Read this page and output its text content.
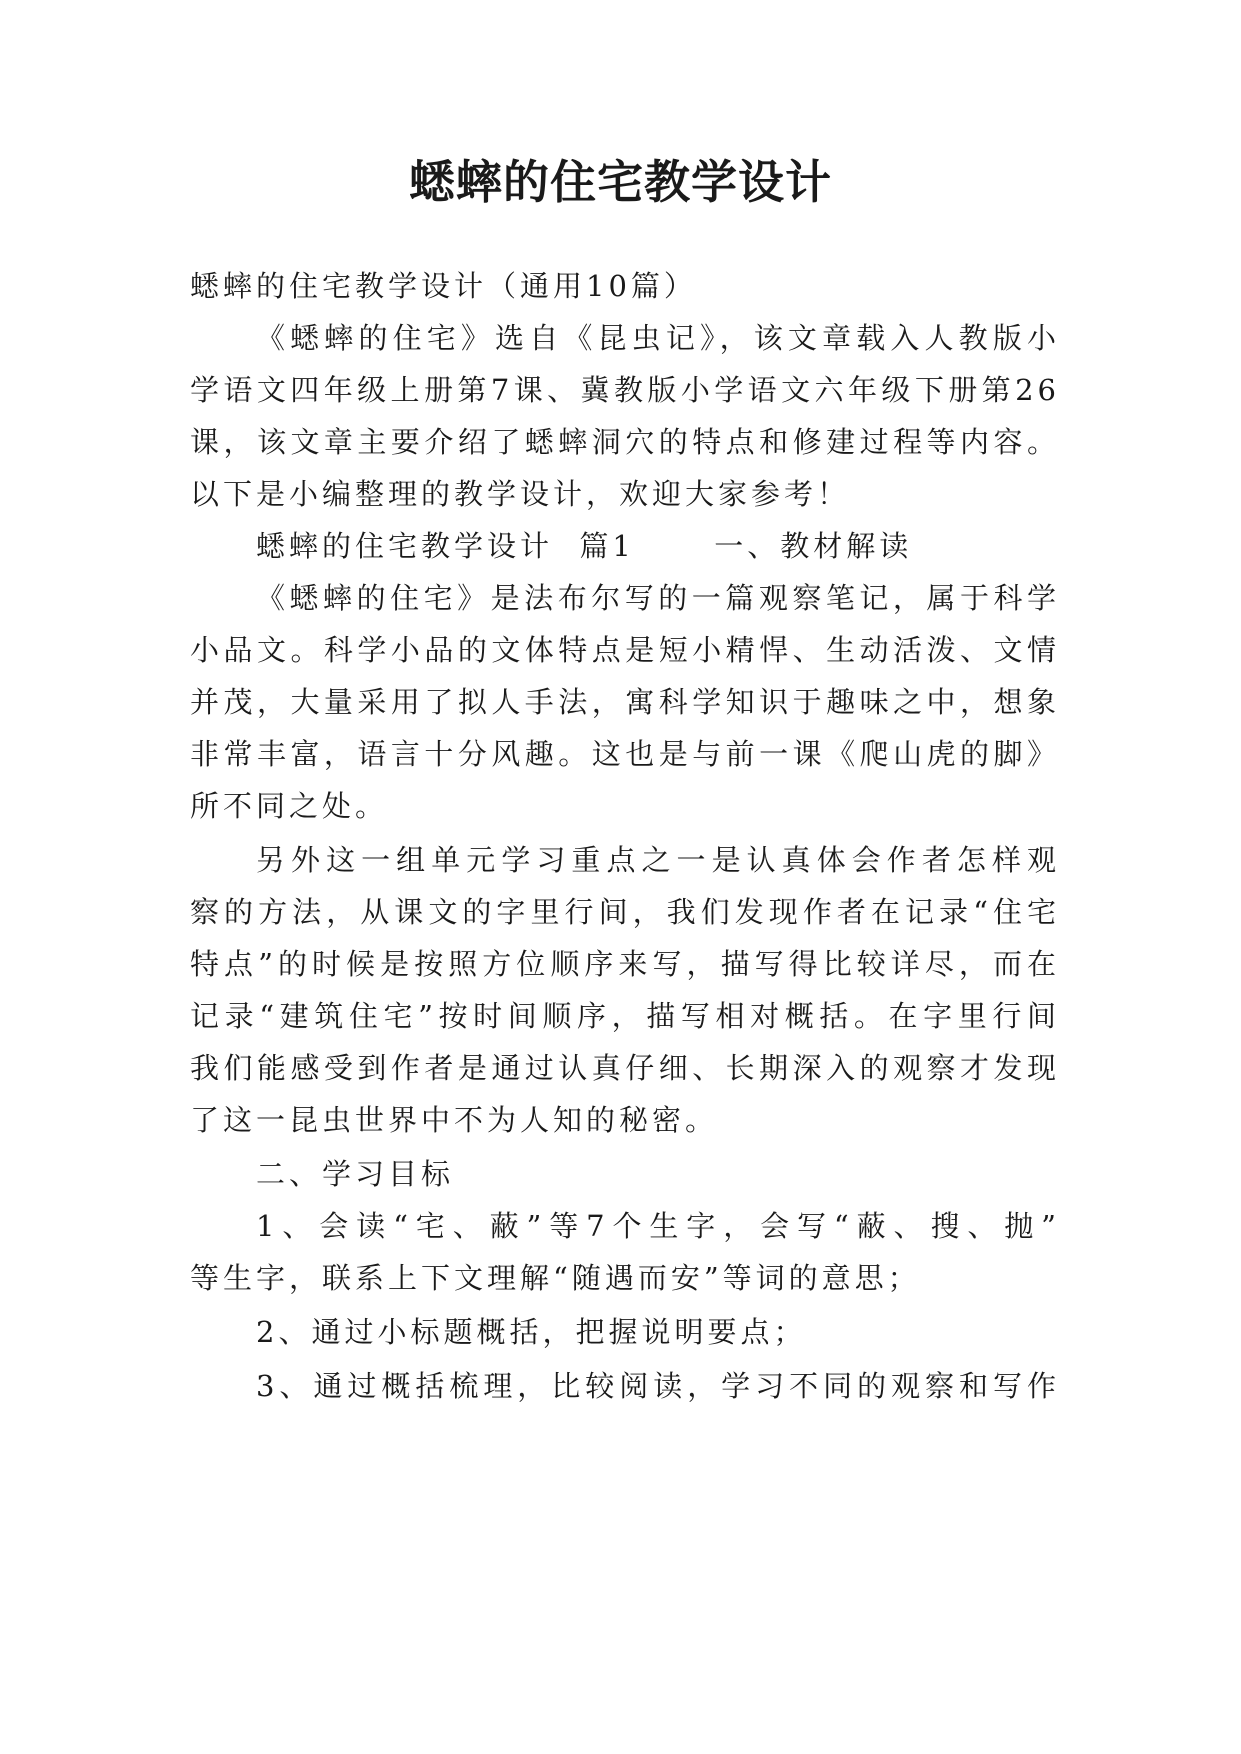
蟋蟀的住宅教学设计
蟋蟀的住宅教学设计（通用10篇）
《蟋蟀的住宅》选自《昆虫记》，该文章载入人教版小
学语文四年级上册第7课、冀教版小学语文六年级下册第26
课，该文章主要介绍了蟋蟀洞穴的特点和修建过程等内容。
以下是小编整理的教学设计，欢迎大家参考！
蟋蟀的住宅教学设计  篇1      一、教材解读
《蟋蟀的住宅》是法布尔写的一篇观察笔记，属于科学
小品文。科学小品的文体特点是短小精悍、生动活泼、文情
并茂，大量采用了拟人手法，寓科学知识于趣味之中，想象
非常丰富，语言十分风趣。这也是与前一课《爬山虎的脚》
所不同之处。
另外这一组单元学习重点之一是认真体会作者怎样观
察的方法，从课文的字里行间，我们发现作者在记录“住宅
特点”的时候是按照方位顺序来写，描写得比较详尽，而在
记录“建筑住宅”按时间顺序，描写相对概括。在字里行间
我们能感受到作者是通过认真仔细、长期深入的观察才发现
了这一昆虫世界中不为人知的秘密。
二、学习目标
1、会读“宅、蔽”等7个生字，会写“蔽、搜、抛”
等生字，联系上下文理解“随遇而安”等词的意思；
2、通过小标题概括，把握说明要点；
3、通过概括梳理，比较阅读，学习不同的观察和写作
